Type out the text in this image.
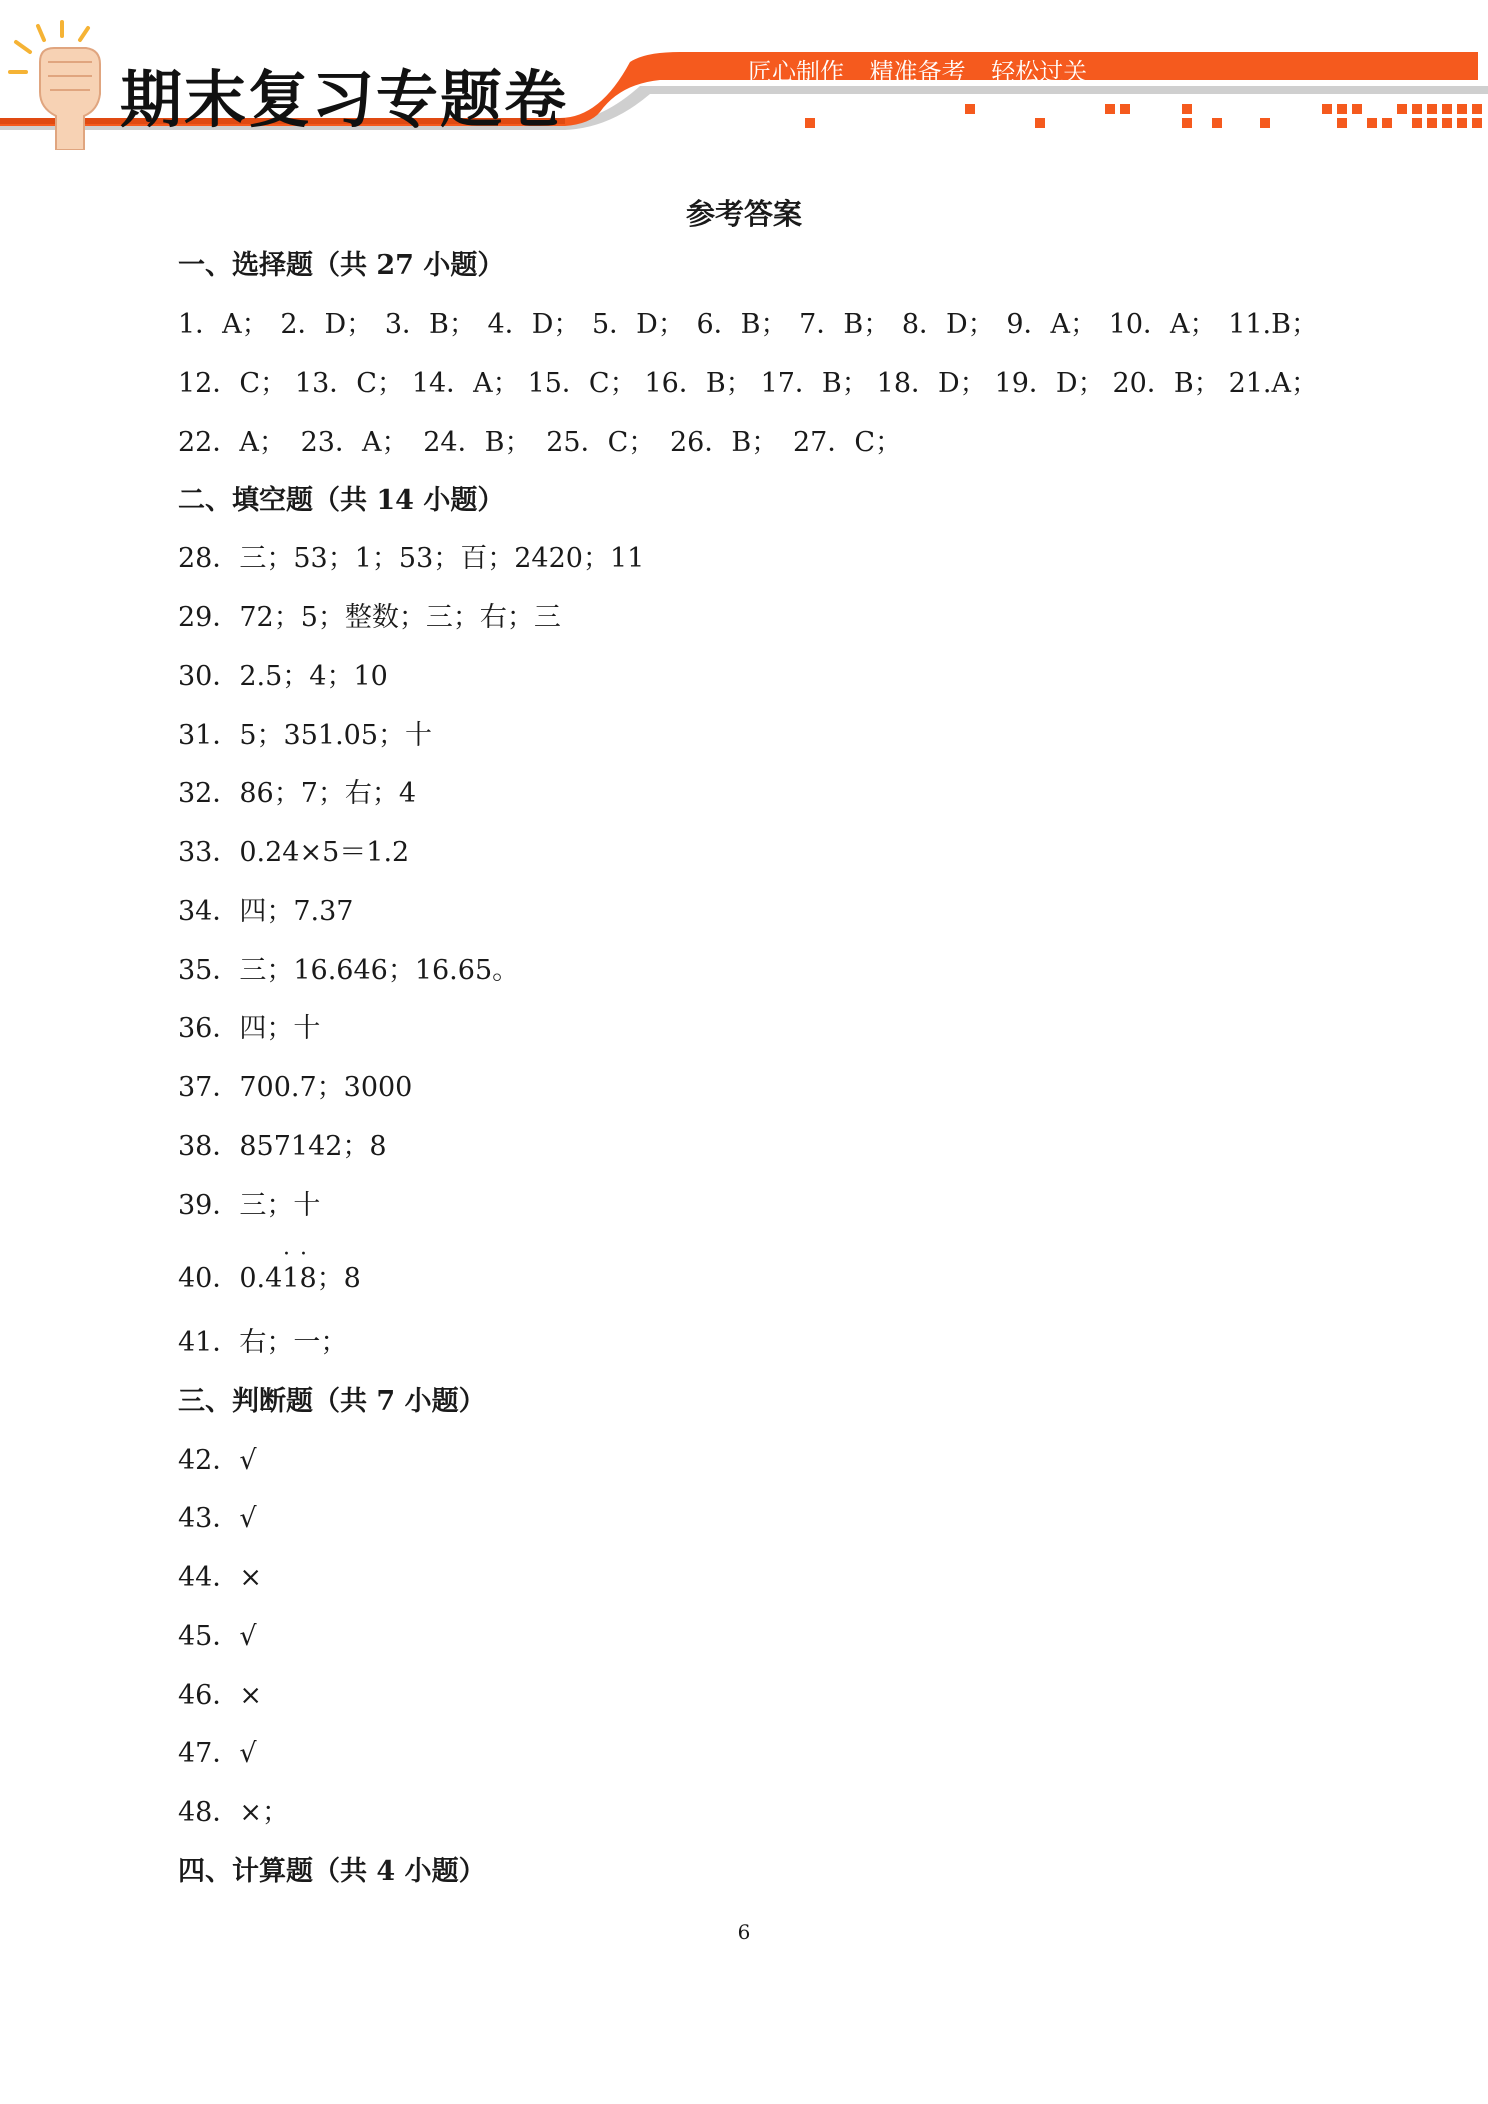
期末复习专题卷	匠心制作 精准备考 轻松过关
参考答案
一、选择题（共 27 小题）
1．A； 2．D； 3．B； 4．D； 5．D； 6．B； 7．B； 8．D； 9．A； 10．A； 11.B；
12．C； 13．C； 14．A； 15．C； 16．B； 17．B； 18．D； 19．D； 20．B； 21.A；
22．A； 23．A； 24．B； 25．C； 26．B； 27．C；
二、填空题（共 14 小题）
28．三；53；1；53；百；2420；11
29．72；5；整数；三；右；三
30．2.5；4；10
31．5；351.05；十
32．86；7；右；4
33．0.24×5＝1.2
34．四；7.37
35．三；16.646；16.65。
36．四；十
37．700.7；3000
38．857142；8
39．三；十
··
40．0.418；8
41．右；一；
三、判断题（共 7 小题）
42．√
43．√
44．×
45．√
46．×
47．√
48．×；
四、计算题（共 4 小题）
6
